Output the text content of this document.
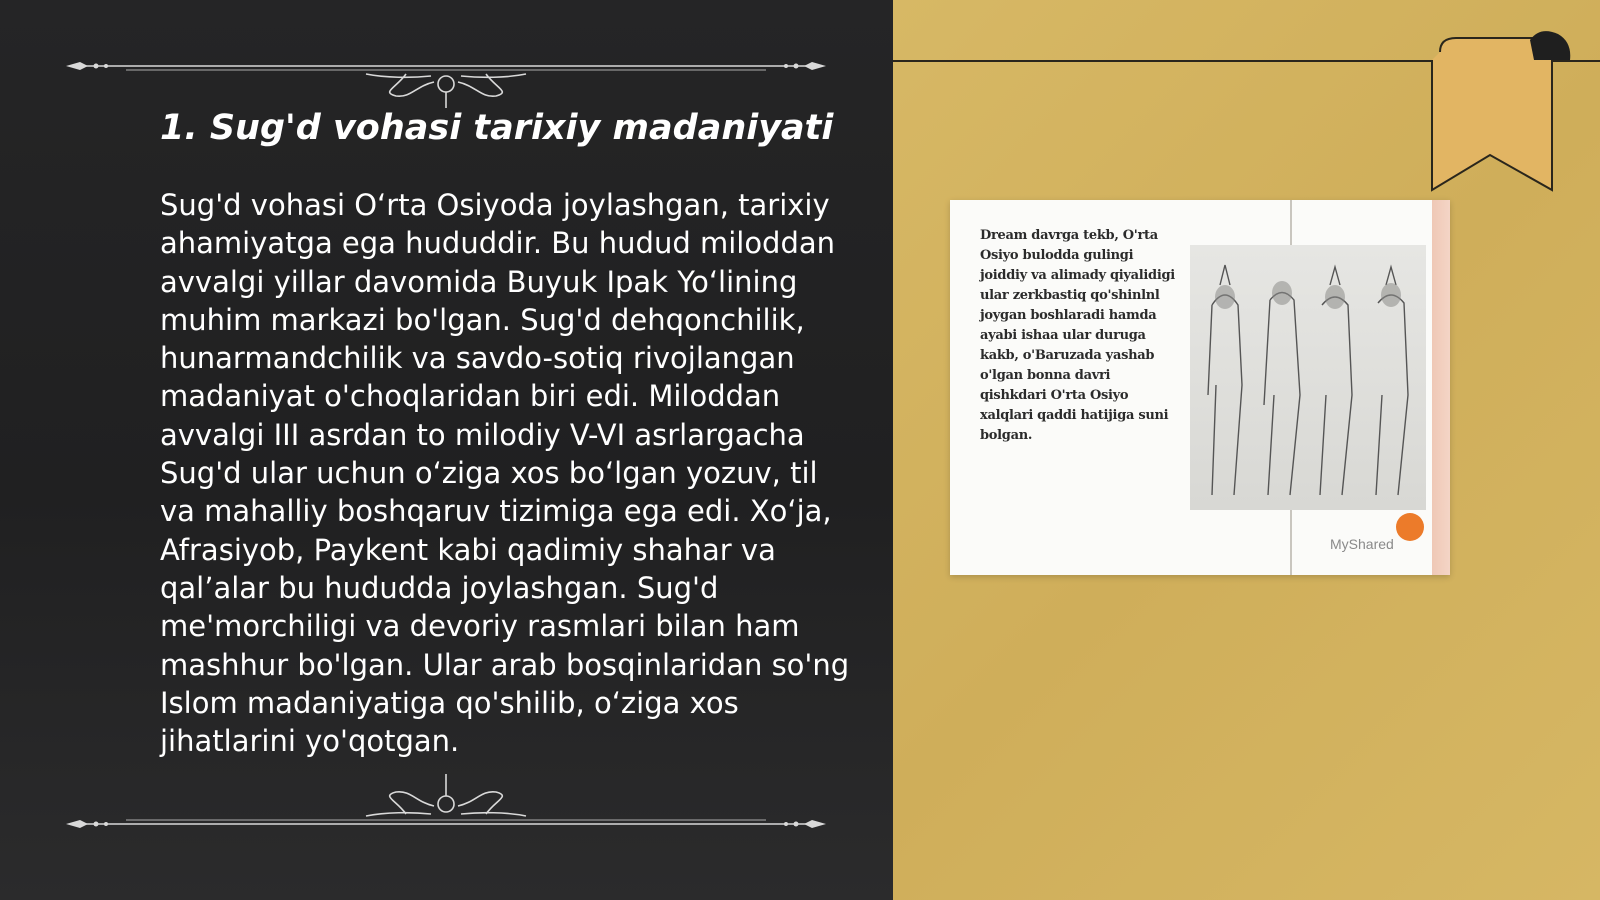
1. Sug'd vohasi tarixiy madaniyati

Sug'd vohasi O‘rta Osiyoda joylashgan, tarixiy ahamiyatga ega hududdir. Bu hudud miloddan avvalgi yillar davomida Buyuk Ipak Yo‘lining muhim markazi bo'lgan. Sug'd dehqonchilik, hunarmandchilik va savdo-sotiq rivojlangan madaniyat o'choqlaridan biri edi. Miloddan avvalgi III asrdan to milodiy V-VI asrlargacha Sug'd ular uchun o‘ziga xos bo‘lgan yozuv, til va mahalliy boshqaruv tizimiga ega edi. Xo‘ja, Afrasiyob, Paykent kabi qadimiy shahar va qal’alar bu hududda joylashgan. Sug'd me'morchiligi va devoriy rasmlari bilan ham mashhur bo'lgan. Ular arab bosqinlaridan so'ng Islom madaniyatiga qo'shilib, o‘ziga xos jihatlarini yo'qotgan.

Dream davrga tekb, O'rta Osiyo bulodda gulingi joiddiy va alimady qiyalidigi ular zerkbastiq qo'shinlnl joygan boshlaradi hamda ayabi ishaa ular duruga kakb, o'Baruzada yashab o'lgan bonna davri qishkdari O'rta Osiyo xalqlari qaddi hatijiga suni bolgan.

MyShared
